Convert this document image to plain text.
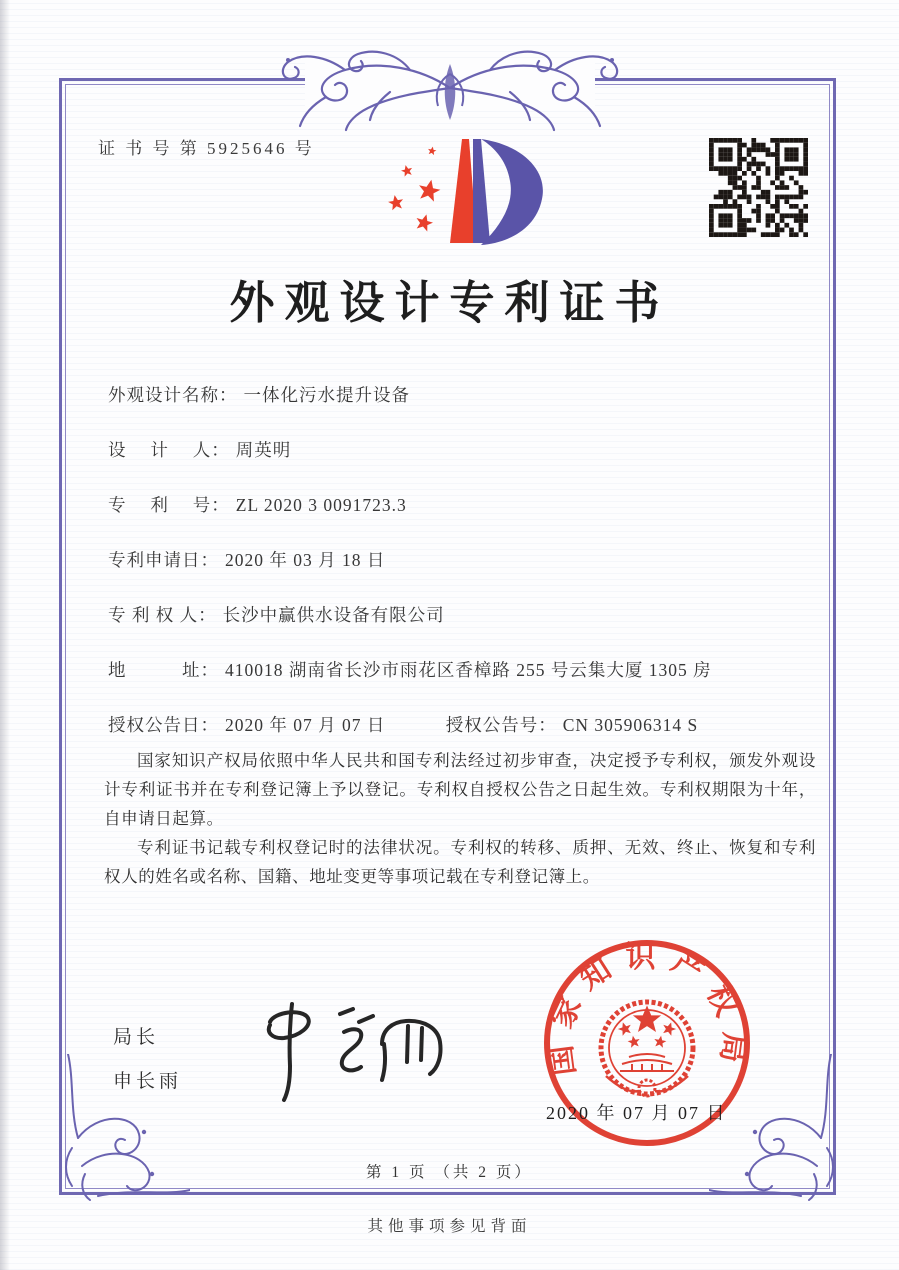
证 书 号 第 5925646 号
外观设计专利证书
外观设计名称： 一体化污水提升设备
设　 计　 人： 周英明
专　 利　 号： ZL 2020 3 0091723.3
专利申请日： 2020 年 03 月 18 日
专 利 权 人： 长沙中赢供水设备有限公司
地　　　址： 410018 湖南省长沙市雨花区香樟路 255 号云集大厦 1305 房
授权公告日： 2020 年 07 月 07 日	授权公告号： CN 305906314 S

国家知识产权局依照中华人民共和国专利法经过初步审查，决定授予专利权，颁发外观设计专利证书并在专利登记簿上予以登记。专利权自授权公告之日起生效。专利权期限为十年，自申请日起算。

专利证书记载专利权登记时的法律状况。专利权的转移、质押、无效、终止、恢复和专利权人的姓名或名称、国籍、地址变更等事项记载在专利登记簿上。

局长
申长雨
国家知识产权局
2020 年 07 月 07 日
第 1 页 （共 2 页）
其他事项参见背面
